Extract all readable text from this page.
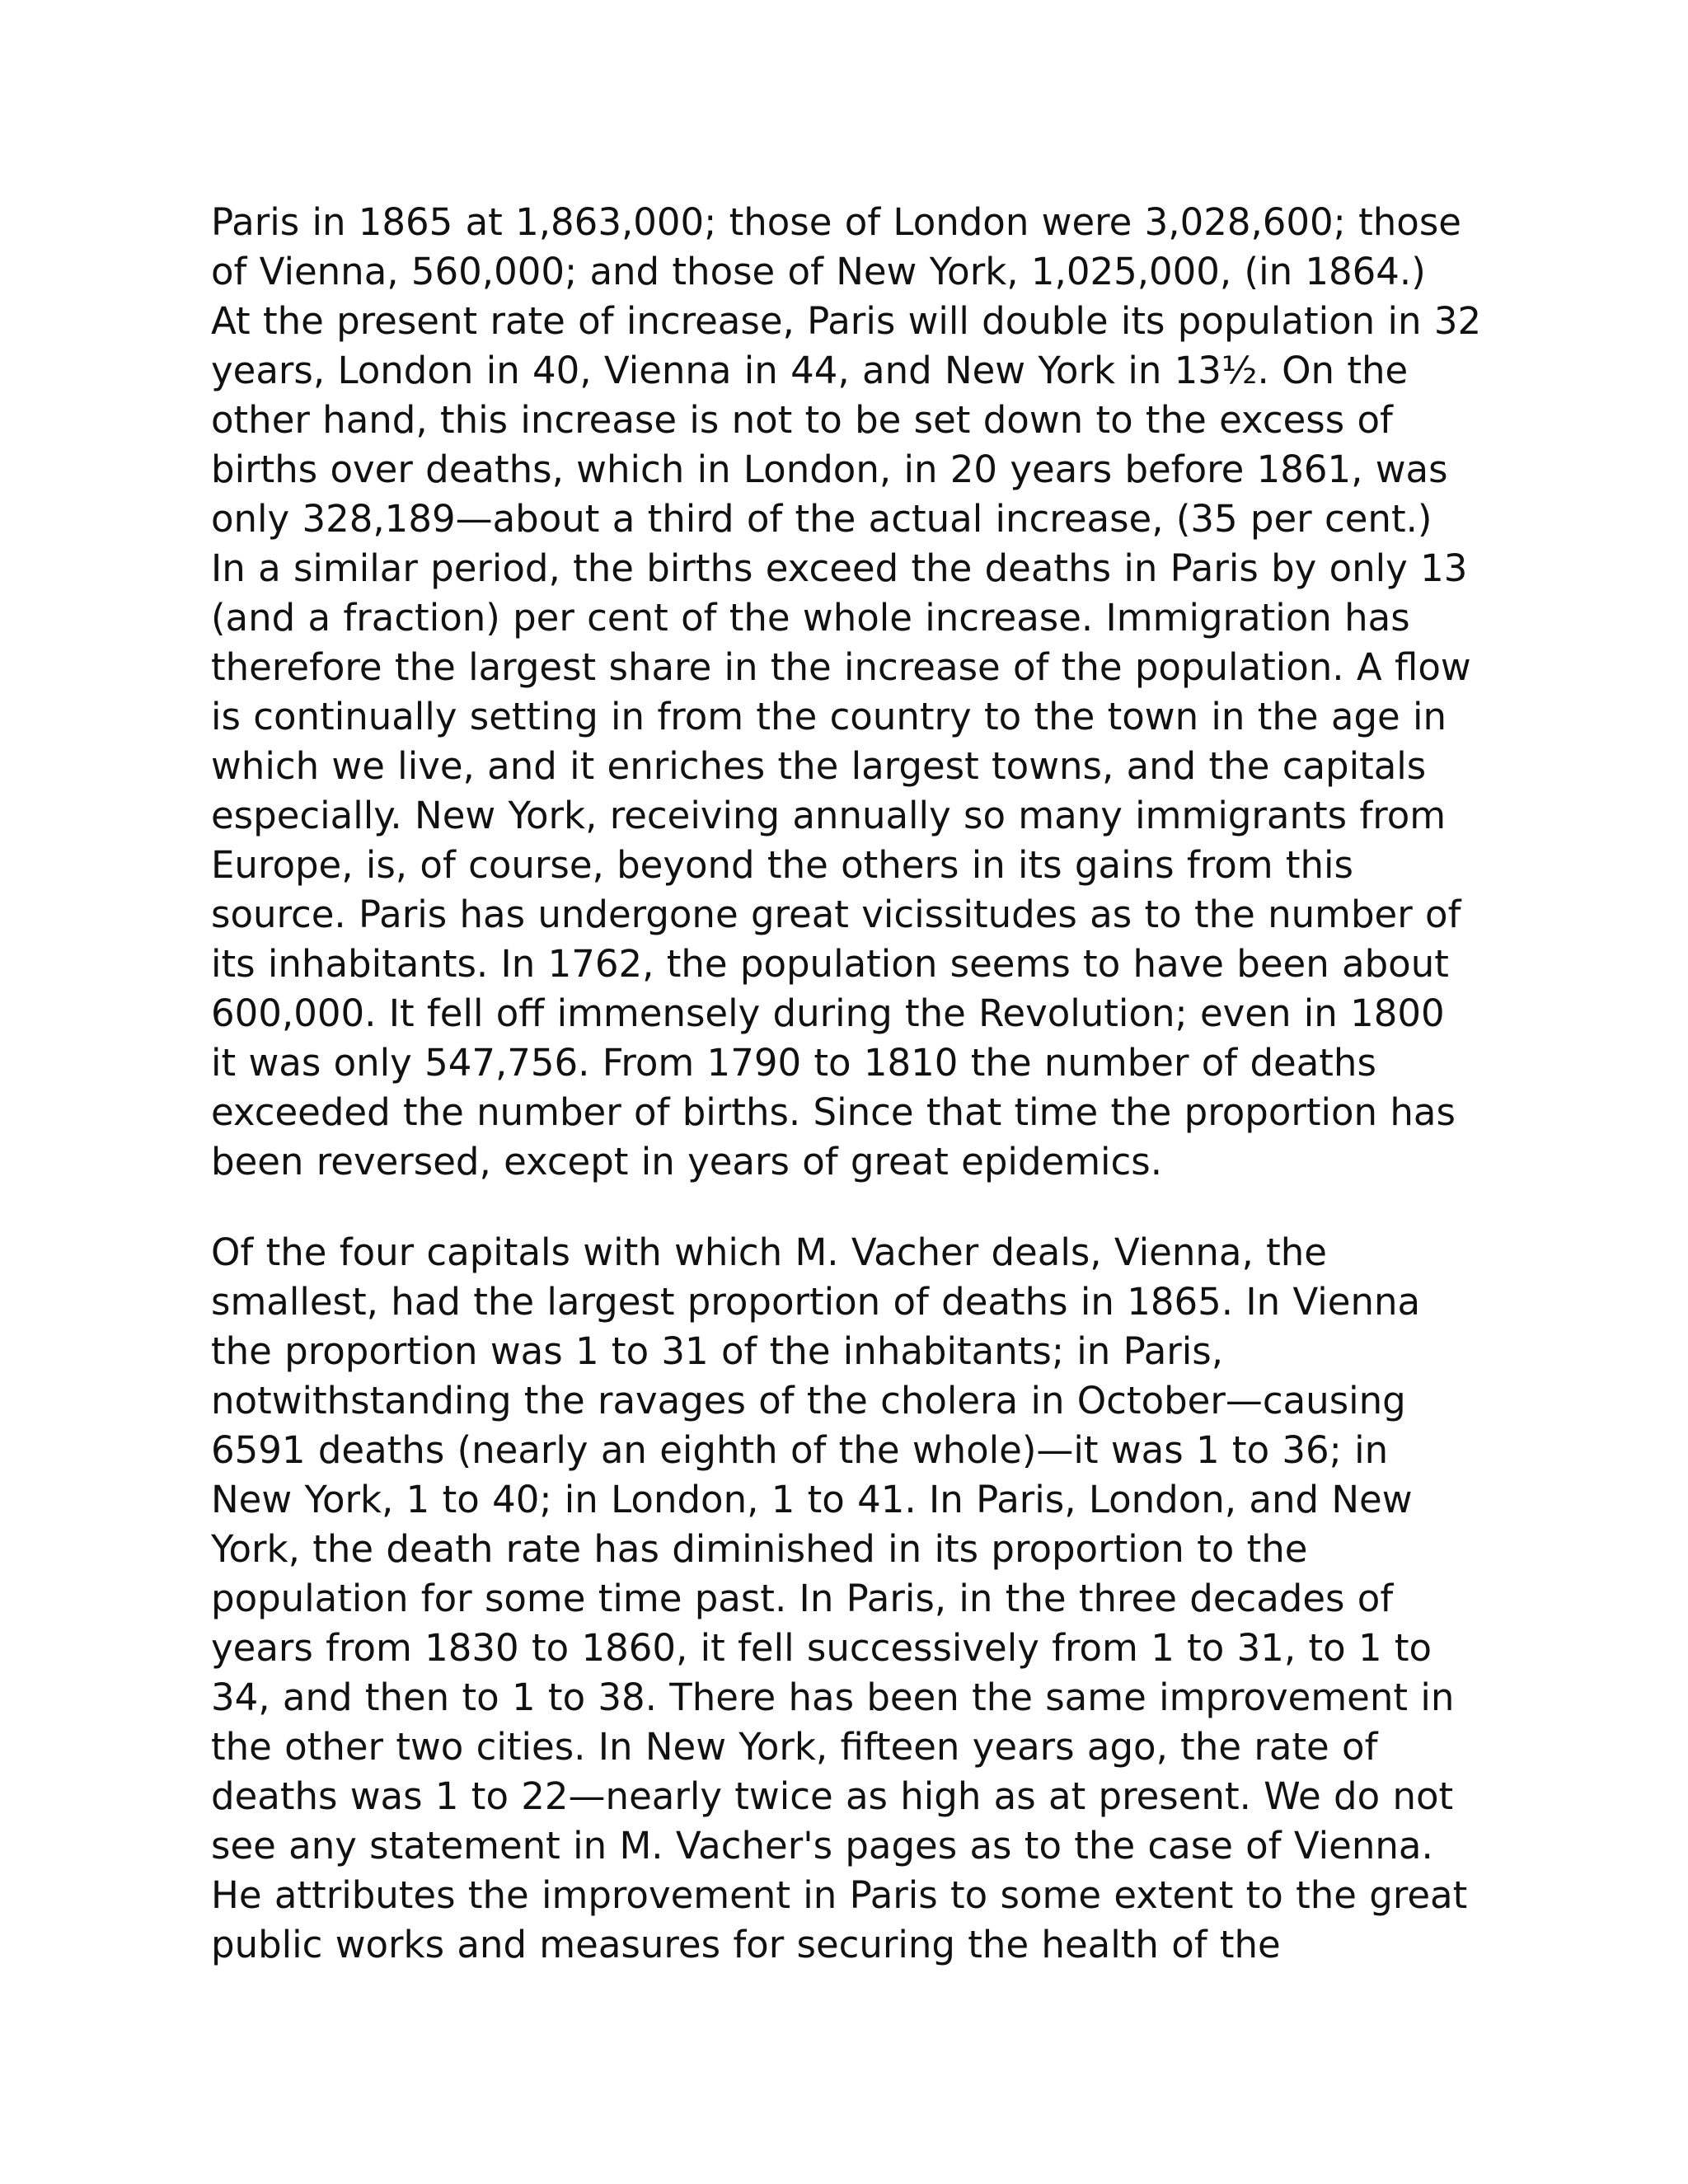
Paris in 1865 at 1,863,000; those of London were 3,028,600; those
of Vienna, 560,000; and those of New York, 1,025,000, (in 1864.)
At the present rate of increase, Paris will double its population in 32
years, London in 40, Vienna in 44, and New York in 13½. On the
other hand, this increase is not to be set down to the excess of
births over deaths, which in London, in 20 years before 1861, was
only 328,189—about a third of the actual increase, (35 per cent.)
In a similar period, the births exceed the deaths in Paris by only 13
(and a fraction) per cent of the whole increase. Immigration has
therefore the largest share in the increase of the population. A flow
is continually setting in from the country to the town in the age in
which we live, and it enriches the largest towns, and the capitals
especially. New York, receiving annually so many immigrants from
Europe, is, of course, beyond the others in its gains from this
source. Paris has undergone great vicissitudes as to the number of
its inhabitants. In 1762, the population seems to have been about
600,000. It fell off immensely during the Revolution; even in 1800
it was only 547,756. From 1790 to 1810 the number of deaths
exceeded the number of births. Since that time the proportion has
been reversed, except in years of great epidemics.

Of the four capitals with which M. Vacher deals, Vienna, the
smallest, had the largest proportion of deaths in 1865. In Vienna
the proportion was 1 to 31 of the inhabitants; in Paris,
notwithstanding the ravages of the cholera in October—causing
6591 deaths (nearly an eighth of the whole)—it was 1 to 36; in
New York, 1 to 40; in London, 1 to 41. In Paris, London, and New
York, the death rate has diminished in its proportion to the
population for some time past. In Paris, in the three decades of
years from 1830 to 1860, it fell successively from 1 to 31, to 1 to
34, and then to 1 to 38. There has been the same improvement in
the other two cities. In New York, fifteen years ago, the rate of
deaths was 1 to 22—nearly twice as high as at present. We do not
see any statement in M. Vacher's pages as to the case of Vienna.
He attributes the improvement in Paris to some extent to the great
public works and measures for securing the health of the
